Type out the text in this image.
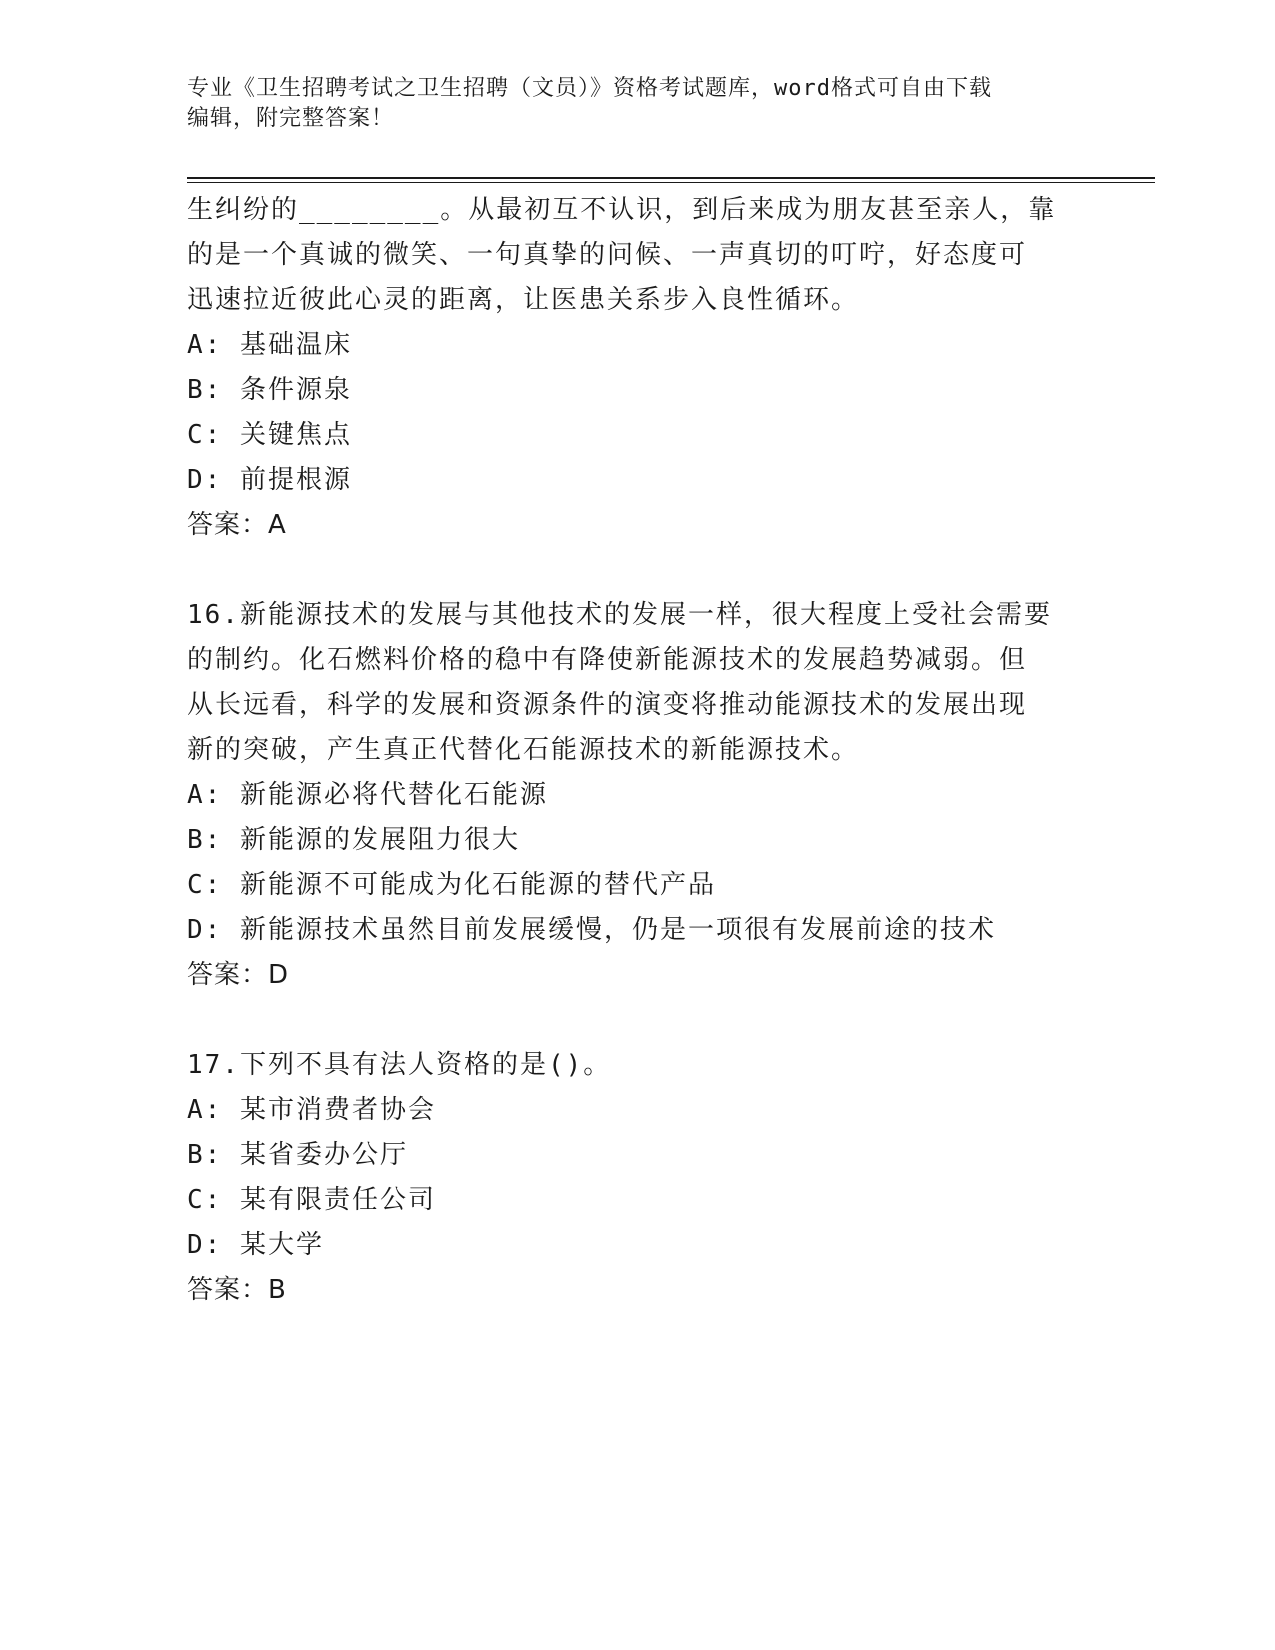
专业《卫生招聘考试之卫生招聘（文员）》资格考试题库，word格式可自由下载
编辑，附完整答案！

生纠纷的________。从最初互不认识，到后来成为朋友甚至亲人，靠

的是一个真诚的微笑、一句真挚的问候、一声真切的叮咛，好态度可

迅速拉近彼此心灵的距离，让医患关系步入良性循环。

A: 基础温床

B: 条件源泉

C: 关键焦点

D: 前提根源

答案：A

16.新能源技术的发展与其他技术的发展一样，很大程度上受社会需要

的制约。化石燃料价格的稳中有降使新能源技术的发展趋势减弱。但

从长远看，科学的发展和资源条件的演变将推动能源技术的发展出现

新的突破，产生真正代替化石能源技术的新能源技术。

A: 新能源必将代替化石能源

B: 新能源的发展阻力很大

C: 新能源不可能成为化石能源的替代产品

D: 新能源技术虽然目前发展缓慢，仍是一项很有发展前途的技术

答案：D

17.下列不具有法人资格的是()。

A: 某市消费者协会

B: 某省委办公厅

C: 某有限责任公司

D: 某大学

答案：B
